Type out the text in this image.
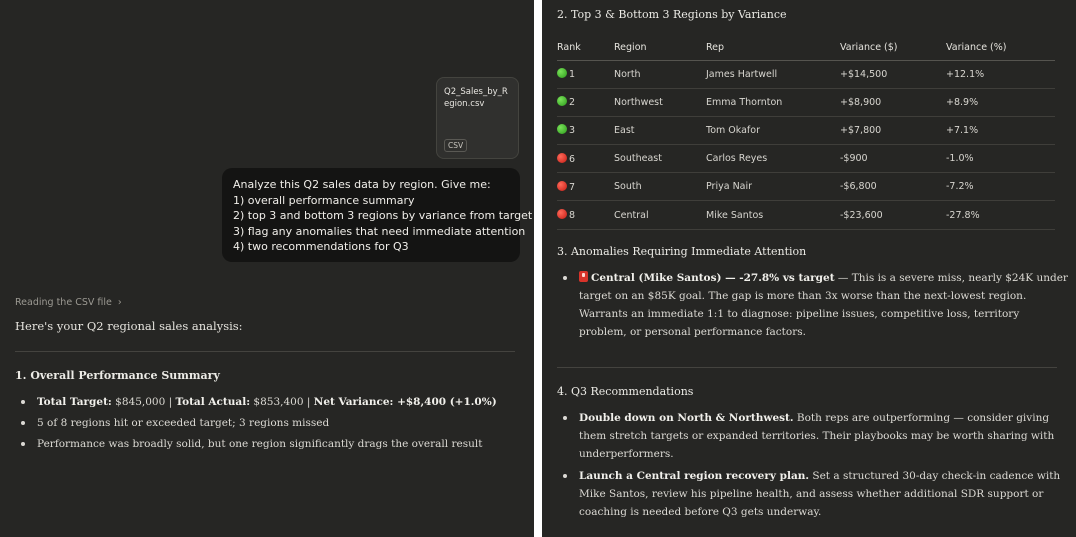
Q2_Sales_by_Region.csv
CSV
Analyze this Q2 sales data by region. Give me:
1) overall performance summary
2) top 3 and bottom 3 regions by variance from target
3) flag any anomalies that need immediate attention
4) two recommendations for Q3
Reading the CSV file ›
Here's your Q2 regional sales analysis:
1. Overall Performance Summary
Total Target: $845,000 | Total Actual: $853,400 | Net Variance: +$8,400 (+1.0%)
5 of 8 regions hit or exceeded target; 3 regions missed
Performance was broadly solid, but one region significantly drags the overall result
2. Top 3 & Bottom 3 Regions by Variance
Rank	Region	Rep	Variance ($)	Variance (%)
1	North	James Hartwell	+$14,500	+12.1%
2	Northwest	Emma Thornton	+$8,900	+8.9%
3	East	Tom Okafor	+$7,800	+7.1%
6	Southeast	Carlos Reyes	-$900	-1.0%
7	South	Priya Nair	-$6,800	-7.2%
8	Central	Mike Santos	-$23,600	-27.8%
3. Anomalies Requiring Immediate Attention
Central (Mike Santos) — -27.8% vs target — This is a severe miss, nearly $24K under
target on an $85K goal. The gap is more than 3x worse than the next-lowest region.
Warrants an immediate 1:1 to diagnose: pipeline issues, competitive loss, territory
problem, or personal performance factors.
4. Q3 Recommendations
Double down on North & Northwest. Both reps are outperforming — consider giving
them stretch targets or expanded territories. Their playbooks may be worth sharing with
underperformers.
Launch a Central region recovery plan. Set a structured 30-day check-in cadence with
Mike Santos, review his pipeline health, and assess whether additional SDR support or
coaching is needed before Q3 gets underway.
